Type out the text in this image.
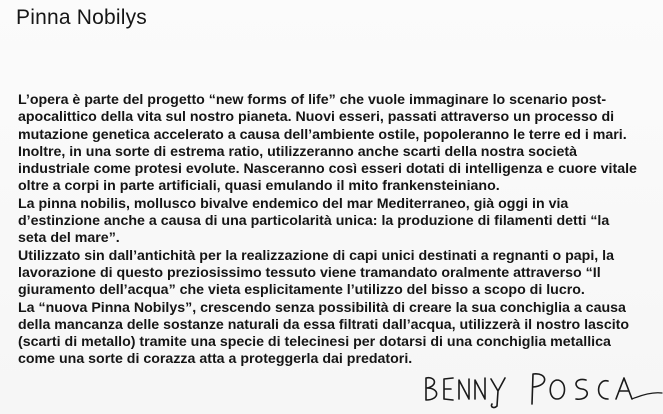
Pinna Nobilys
L’opera è parte del progetto “new forms of life” che vuole immaginare lo scenario post-
apocalittico della vita sul nostro pianeta. Nuovi esseri, passati attraverso un processo di
mutazione genetica accelerato a causa dell’ambiente ostile, popoleranno le terre ed i mari.
Inoltre, in una sorte di estrema ratio, utilizzeranno anche scarti della nostra società
industriale come protesi evolute. Nasceranno così esseri dotati di intelligenza e cuore vitale
oltre a corpi in parte artificiali, quasi emulando il mito frankensteiniano.
La pinna nobilis, mollusco bivalve endemico del mar Mediterraneo, già oggi in via
d’estinzione anche a causa di una particolarità unica: la produzione di filamenti detti “la
seta del mare”.
Utilizzato sin dall’antichità per la realizzazione di capi unici destinati a regnanti o papi, la
lavorazione di questo preziosissimo tessuto viene tramandato oralmente attraverso “Il
giuramento dell’acqua” che vieta esplicitamente l’utilizzo del bisso a scopo di lucro.
La “nuova Pinna Nobilys”, crescendo senza possibilità di creare la sua conchiglia a causa
della mancanza delle sostanze naturali da essa filtrati dall’acqua, utilizzerà il nostro lascito
(scarti di metallo) tramite una specie di telecinesi per dotarsi di una conchiglia metallica
come una sorte di corazza atta a proteggerla dai predatori.
